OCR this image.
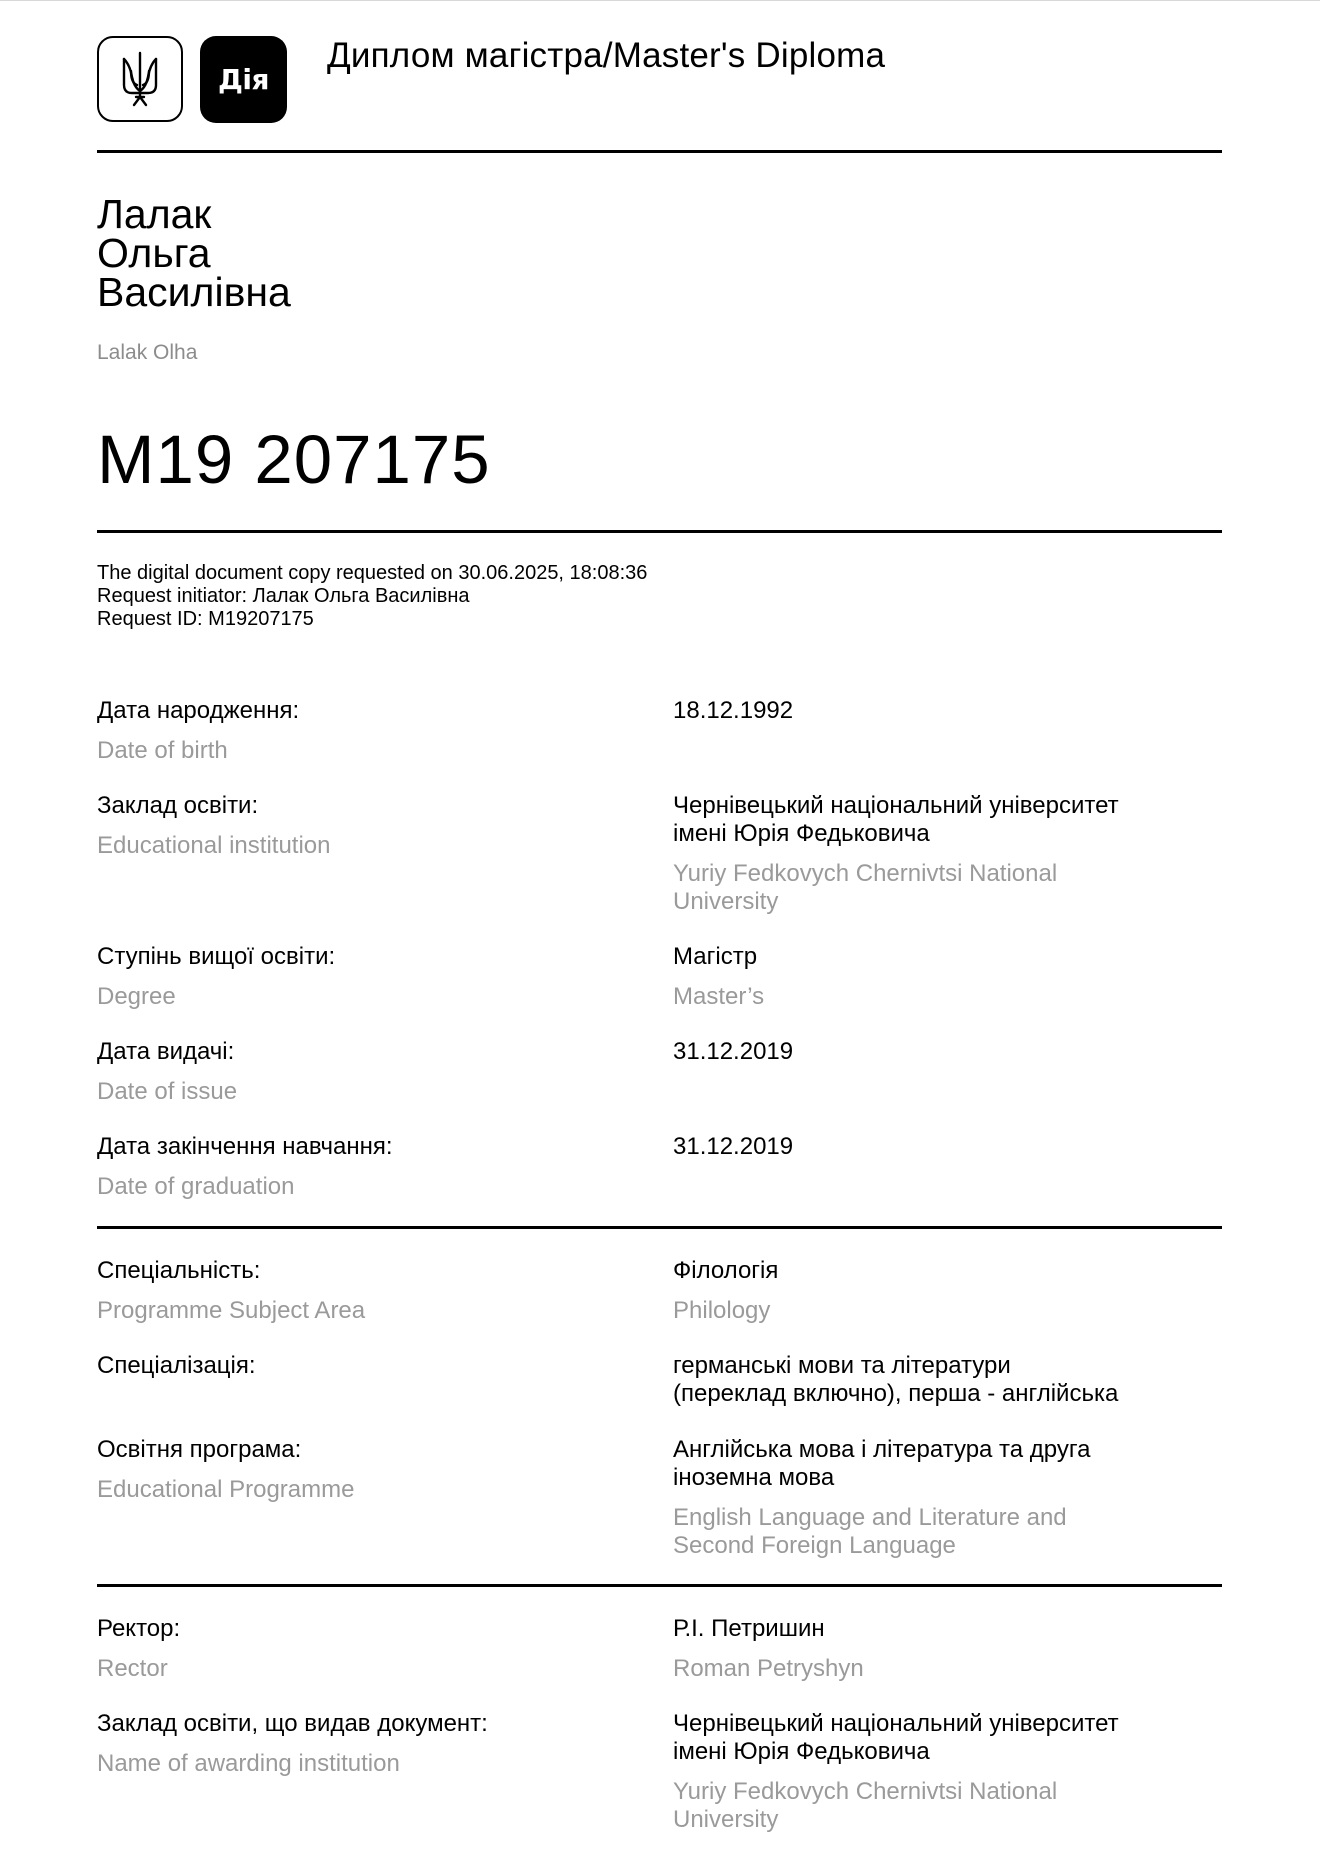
Дія
Диплом магістра/Master's Diploma
Лалак
Ольга
Василівна
Lalak Olha
M19 207175
The digital document copy requested on 30.06.2025, 18:08:36
Request initiator: Лалак Ольга Василівна
Request ID: M19207175
Дата народження:
Date of birth
18.12.1992
Заклад освіти:
Educational institution
Чернівецький національний університет
імені Юрія Федьковича
Yuriy Fedkovych Chernivtsi National
University
Ступінь вищої освіти:
Degree
Магістр
Master’s
Дата видачі:
Date of issue
31.12.2019
Дата закінчення навчання:
Date of graduation
31.12.2019
Спеціальність:
Programme Subject Area
Філологія
Philology
Спеціалізація:	германські мови та літератури
(переклад включно), перша - англійська
Освітня програма:
Educational Programme
Англійська мова і література та друга
іноземна мова
English Language and Literature and
Second Foreign Language
Ректор:
Rector
Р.І. Петришин
Roman Petryshyn
Заклад освіти, що видав документ:
Name of awarding institution
Чернівецький національний університет
імені Юрія Федьковича
Yuriy Fedkovych Chernivtsi National
University
